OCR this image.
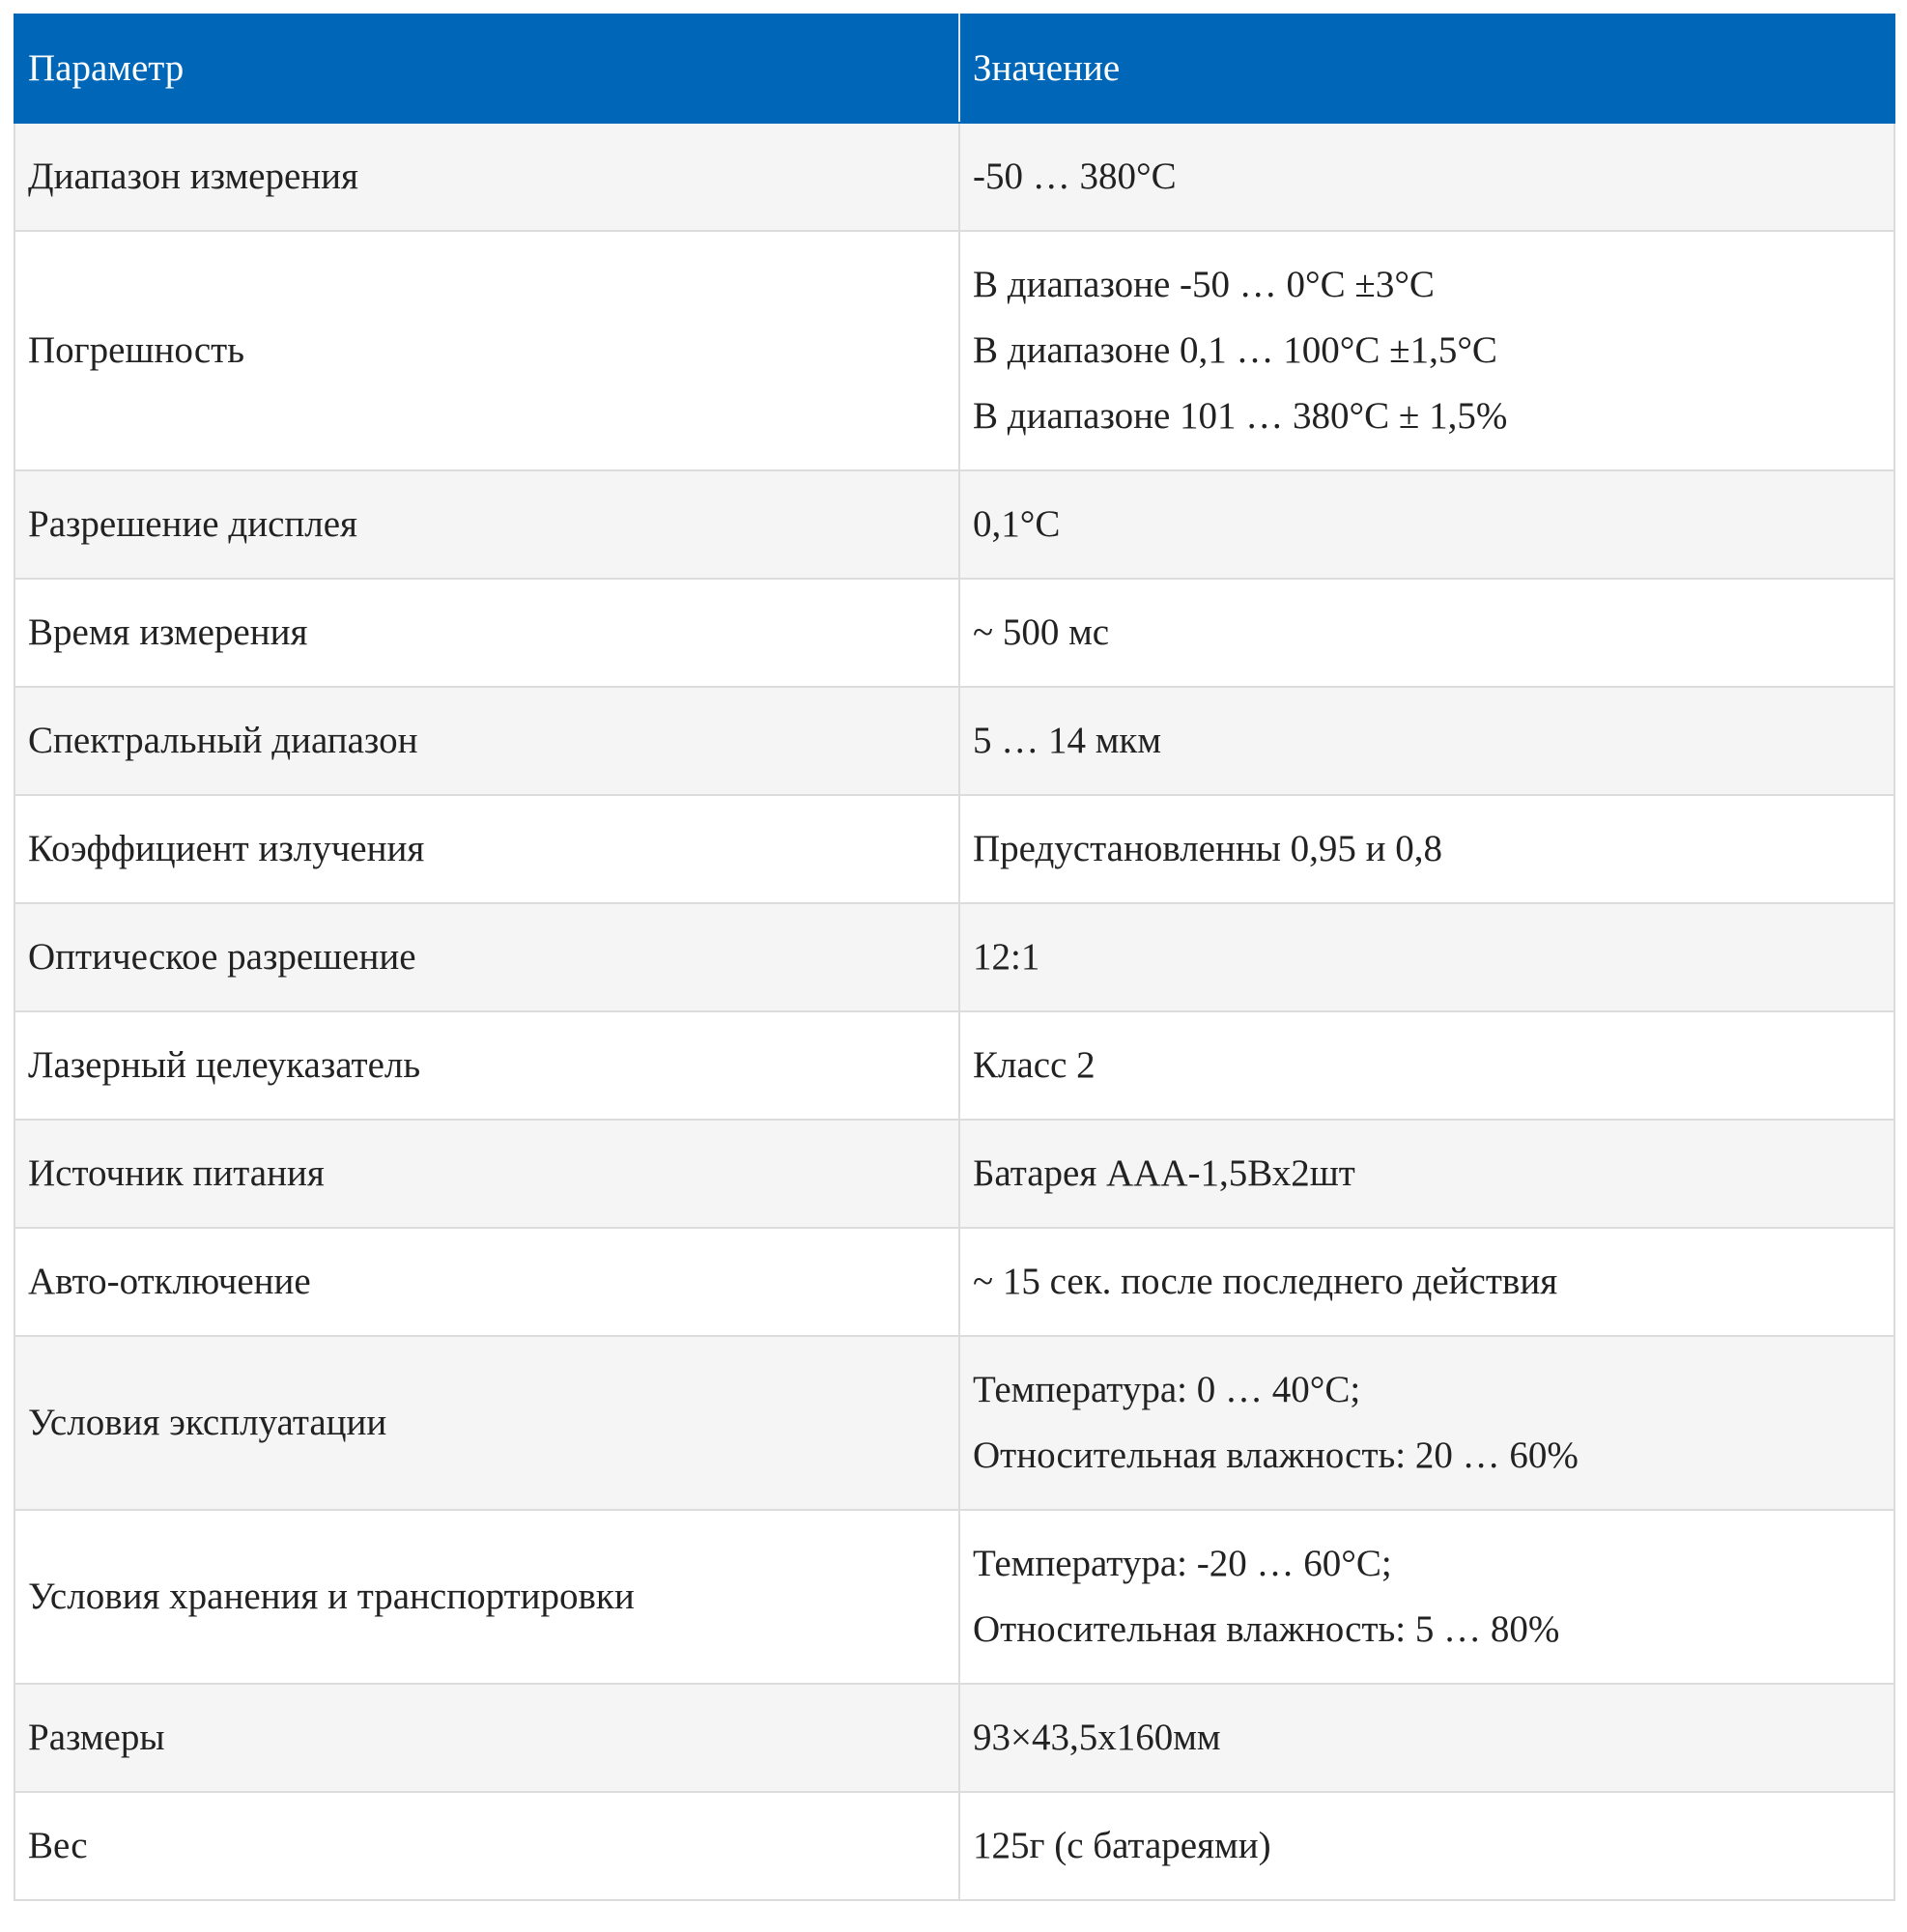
Параметр	Значение
Диапазон измерения	-50 … 380°C

Погрешность	В диапазоне -50 … 0°C ±3°C
В диапазоне 0,1 … 100°C ±1,5°C
В диапазоне 101 … 380°C ± 1,5%

Разрешение дисплея	0,1°C

Время измерения	~ 500 мс

Спектральный диапазон	5 … 14 мкм

Коэффициент излучения	Предустановленны 0,95 и 0,8

Оптическое разрешение	12:1

Лазерный целеуказатель	Класс 2

Источник питания	Батарея AAA-1,5Вх2шт

Авто-отключение	~ 15 сек. после последнего действия

Условия эксплуатации	Температура: 0 … 40°C;
Относительная влажность: 20 … 60%

Условия хранения и транспортировки	Температура: -20 … 60°C;
Относительная влажность: 5 … 80%

Размеры	93×43,5х160мм

Вес	125г (с батареями)
